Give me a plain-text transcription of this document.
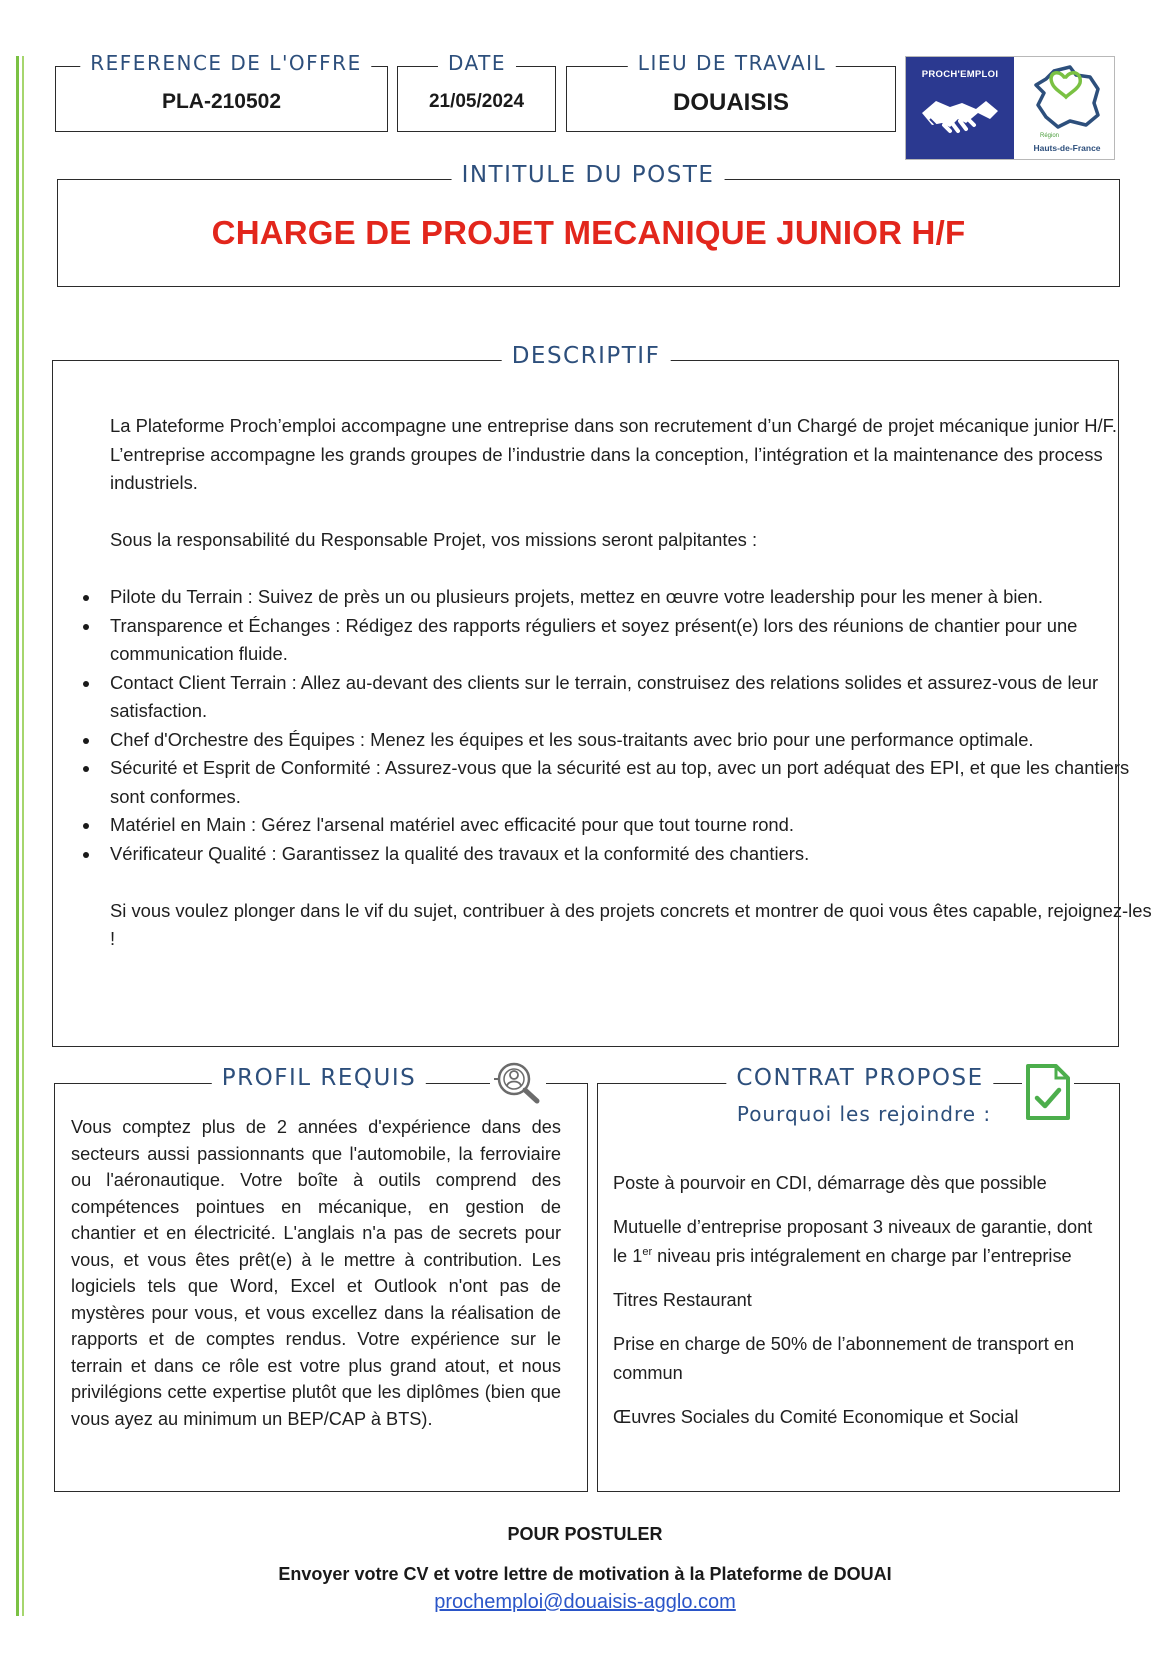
REFERENCE DE L'OFFRE
PLA-210502
DATE
21/05/2024
LIEU DE TRAVAIL
DOUAISIS
PROCH'EMPLOI
Région
Hauts-de-France
INTITULE DU POSTE
CHARGE DE PROJET MECANIQUE JUNIOR H/F
DESCRIPTIF

La Plateforme Proch’emploi accompagne une entreprise dans son recrutement d’un Chargé de projet mécanique junior H/F. L’entreprise accompagne les grands groupes de l’industrie dans la conception, l’intégration et la maintenance des process industriels.

Sous la responsabilité du Responsable Projet, vos missions seront palpitantes :

Pilote du Terrain : Suivez de près un ou plusieurs projets, mettez en œuvre votre leadership pour les mener à bien.
Transparence et Échanges : Rédigez des rapports réguliers et soyez présent(e) lors des réunions de chantier pour une communication fluide.
Contact Client Terrain : Allez au-devant des clients sur le terrain, construisez des relations solides et assurez-vous de leur satisfaction.
Chef d'Orchestre des Équipes : Menez les équipes et les sous-traitants avec brio pour une performance optimale.
Sécurité et Esprit de Conformité : Assurez-vous que la sécurité est au top, avec un port adéquat des EPI, et que les chantiers sont conformes.
Matériel en Main : Gérez l'arsenal matériel avec efficacité pour que tout tourne rond.
Vérificateur Qualité : Garantissez la qualité des travaux et la conformité des chantiers.

Si vous voulez plonger dans le vif du sujet, contribuer à des projets concrets et montrer de quoi vous êtes capable, rejoignez-les !

PROFIL REQUIS
Vous comptez plus de 2 années d'expérience dans des secteurs aussi passionnants que l'automobile, la ferroviaire ou l'aéronautique. Votre boîte à outils comprend des compétences pointues en mécanique, en gestion de chantier et en électricité. L'anglais n'a pas de secrets pour vous, et vous êtes prêt(e) à le mettre à contribution. Les logiciels tels que Word, Excel et Outlook n'ont pas de mystères pour vous, et vous excellez dans la réalisation de rapports et de comptes rendus. Votre expérience sur le terrain et dans ce rôle est votre plus grand atout, et nous privilégions cette expertise plutôt que les diplômes (bien que vous ayez au minimum un BEP/CAP à BTS).
CONTRAT PROPOSE
Pourquoi les rejoindre :

Poste à pourvoir en CDI, démarrage dès que possible

Mutuelle d’entreprise proposant 3 niveaux de garantie, dont le 1er niveau pris intégralement en charge par l’entreprise

Titres Restaurant

Prise en charge de 50% de l’abonnement de transport en commun

Œuvres Sociales du Comité Economique et Social

POUR POSTULER
Envoyer votre CV et votre lettre de motivation à la Plateforme de DOUAI
prochemploi@douaisis-agglo.com
